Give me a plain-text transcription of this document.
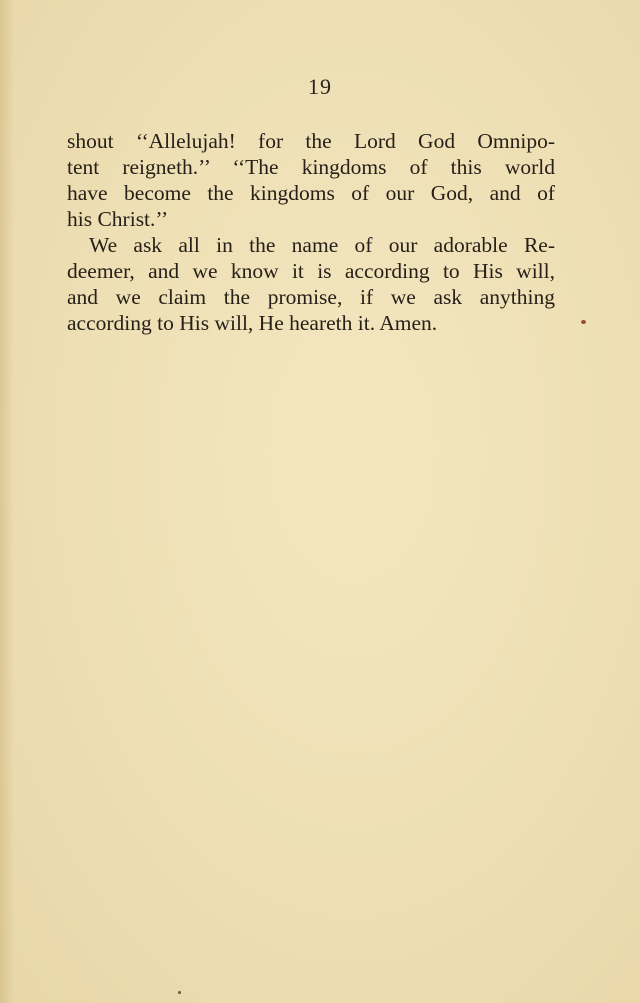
19
shout ‘‘Allelujah! for the Lord God Omnipo-
tent reigneth.’’ ‘‘The kingdoms of this world
have become the kingdoms of our God, and of
his Christ.’’
We ask all in the name of our adorable Re-
deemer, and we know it is according to His will,
and we claim the promise, if we ask anything
according to His will, He heareth it. Amen.
